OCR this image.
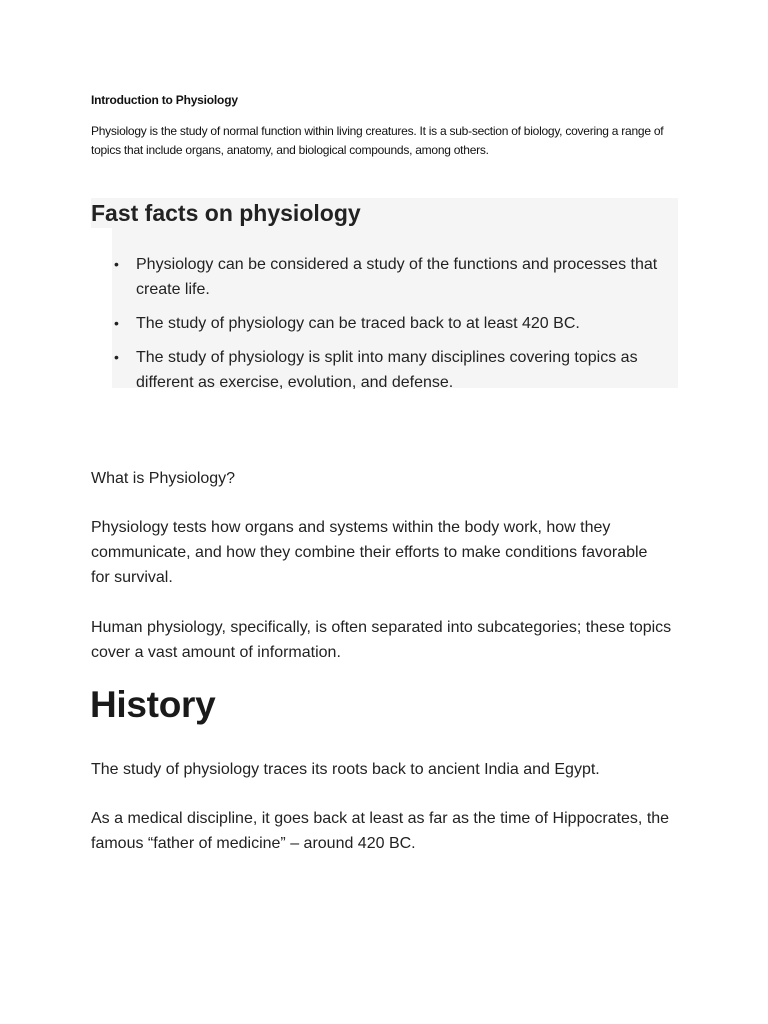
Introduction to Physiology

Physiology is the study of normal function within living creatures. It is a sub-section of biology, covering a range of topics that include organs, anatomy, and biological compounds, among others.

Fast facts on physiology
• Physiology can be considered a study of the functions and processes that create life.
• The study of physiology can be traced back to at least 420 BC.
• The study of physiology is split into many disciplines covering topics as different as exercise, evolution, and defense.

What is Physiology?

Physiology tests how organs and systems within the body work, how they communicate, and how they combine their efforts to make conditions favorable for survival.

Human physiology, specifically, is often separated into subcategories; these topics cover a vast amount of information.

History

The study of physiology traces its roots back to ancient India and Egypt.

As a medical discipline, it goes back at least as far as the time of Hippocrates, the famous “father of medicine” – around 420 BC.
